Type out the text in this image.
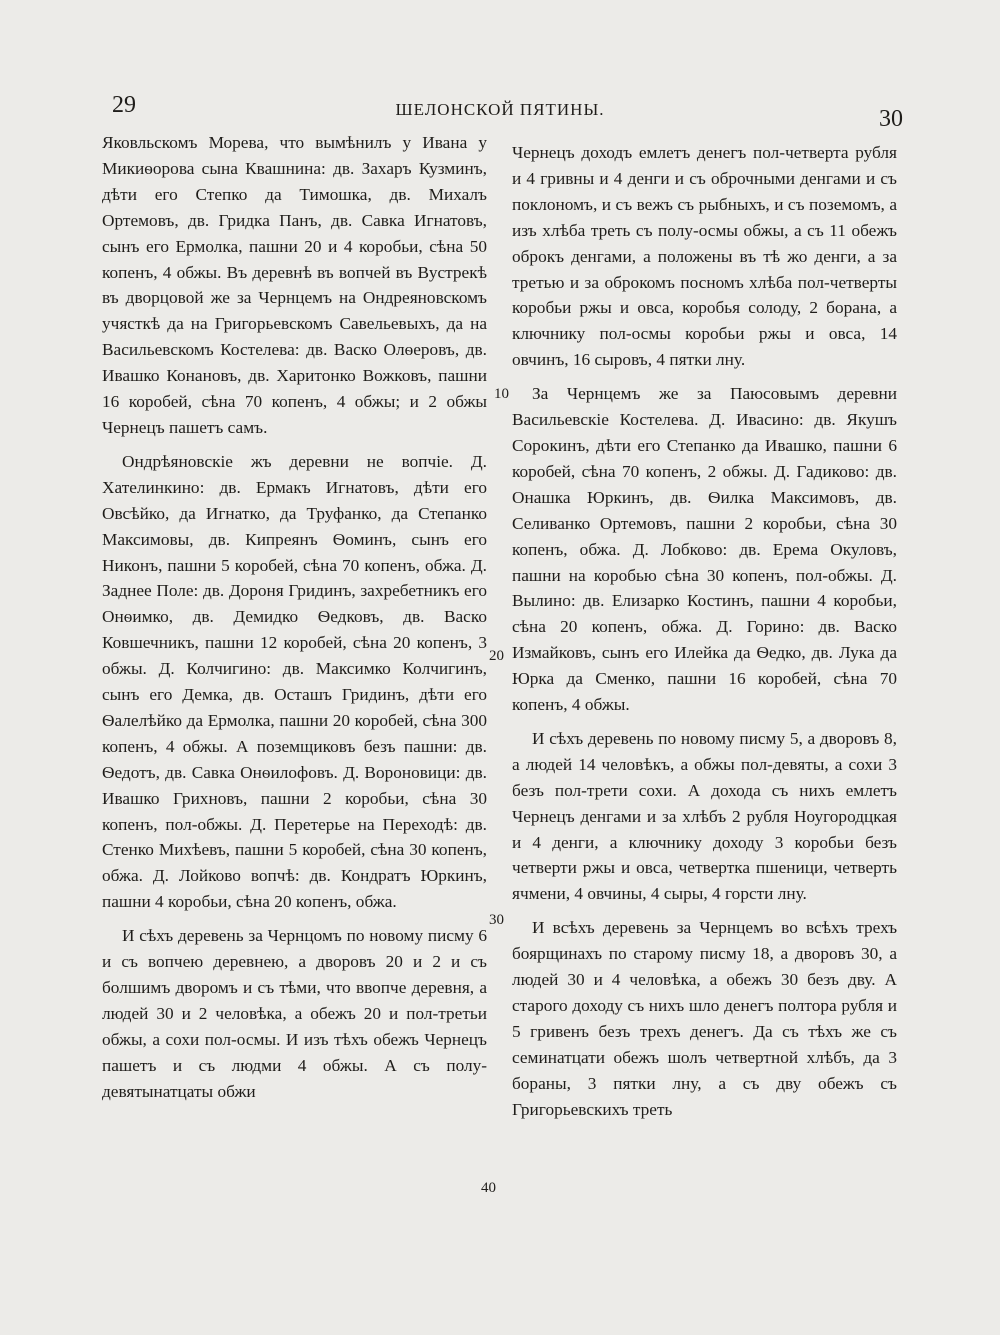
29	ШЕЛОНСКОЙ ПЯТИНЫ.	30

Яковльскомъ Морева, что вымѣнилъ у Ивана у Микиѳорова сына Квашнина: дв. Захаръ Кузминъ, дѣти его Степко да Тимошка, дв. Михалъ Ортемовъ, дв. Гридка Панъ, дв. Савка Игнатовъ, сынъ его Ермолка, пашни 20 и 4 коробьи, сѣна 50 копенъ, 4 обжы. Въ деревнѣ въ вопчей въ Вустрекѣ въ дворцовой же за Чернцемъ на Ондреяновскомъ учясткѣ да на Григорьевскомъ Савельевыхъ, да на Васильевскомъ Костелева: дв. Васко Олѳеровъ, дв. Ивашко Конановъ, дв. Харитонко Вожковъ, пашни 16 коробей, сѣна 70 копенъ, 4 обжы; и 2 обжы Чернецъ пашетъ самъ.

Ондрѣяновскіе жъ деревни не вопчіе. Д. Хателинкино: дв. Ермакъ Игнатовъ, дѣти его Овсѣйко, да Игнатко, да Труфанко, да Степанко Максимовы, дв. Кипреянъ Ѳоминъ, сынъ его Никонъ, пашни 5 коробей, сѣна 70 копенъ, обжа. Д. Заднее Поле: дв. Дороня Гридинъ, захребетникъ его Онѳимко, дв. Демидко Ѳедковъ, дв. Васко Ковшечникъ, пашни 12 коробей, сѣна 20 копенъ, 3 обжы. Д. Колчигино: дв. Максимко Колчигинъ, сынъ его Демка, дв. Осташъ Гридинъ, дѣти его Ѳалелѣйко да Ермолка, пашни 20 коробей, сѣна 300 копенъ, 4 обжы. А поземщиковъ безъ пашни: дв. Ѳедотъ, дв. Савка Онѳилофовъ. Д. Вороновици: дв. Ивашко Грихновъ, пашни 2 коробьи, сѣна 30 копенъ, пол-обжы. Д. Перетерье на Переходѣ: дв. Стенко Михѣевъ, пашни 5 коробей, сѣна 30 копенъ, обжа. Д. Лойково вопчѣ: дв. Кондратъ Юркинъ, пашни 4 коробьи, сѣна 20 копенъ, обжа.

И сѣхъ деревень за Чернцомъ по новому писму 6 и съ вопчею деревнею, а дворовъ 20 и 2 и съ болшимъ дворомъ и съ тѣми, что ввопче деревня, а людей 30 и 2 человѣка, а обежъ 20 и пол-третьи обжы, а сохи пол-осмы. И изъ тѣхъ обежъ Чернецъ пашетъ и съ людми 4 обжы. А съ полу-девятынатцаты обжи

10
20
30
40

Чернецъ доходъ емлетъ денегъ пол-четверта рубля и 4 гривны и 4 денги и съ оброчными денгами и съ поклономъ, и съ вежъ съ рыбныхъ, и съ поземомъ, а изъ хлѣба треть съ полу-осмы обжы, а съ 11 обежъ оброкъ денгами, а положены въ тѣ жо денги, а за третью и за оброкомъ посномъ хлѣба пол-четверты коробьи ржы и овса, коробья солоду, 2 борана, а ключнику пол-осмы коробьи ржы и овса, 14 овчинъ, 16 сыровъ, 4 пятки лну.

За Чернцемъ же за Паюсовымъ деревни Васильевскіе Костелева. Д. Ивасино: дв. Якушъ Сорокинъ, дѣти его Степанко да Ивашко, пашни 6 коробей, сѣна 70 копенъ, 2 обжы. Д. Гадиково: дв. Онашка Юркинъ, дв. Ѳилка Максимовъ, дв. Селиванко Ортемовъ, пашни 2 коробьи, сѣна 30 копенъ, обжа. Д. Лобково: дв. Ерема Окуловъ, пашни на коробью сѣна 30 копенъ, пол-обжы. Д. Вылино: дв. Елизарко Костинъ, пашни 4 коробьи, сѣна 20 копенъ, обжа. Д. Горино: дв. Васко Измайковъ, сынъ его Илейка да Ѳедко, дв. Лука да Юрка да Сменко, пашни 16 коробей, сѣна 70 копенъ, 4 обжы.

И сѣхъ деревень по новому писму 5, а дворовъ 8, а людей 14 человѣкъ, а обжы пол-девяты, а сохи 3 безъ пол-трети сохи. А дохода съ нихъ емлетъ Чернецъ денгами и за хлѣбъ 2 рубля Ноугородцкая и 4 денги, а ключнику доходу 3 коробьи безъ четверти ржы и овса, четвертка пшеници, четверть ячмени, 4 овчины, 4 сыры, 4 горсти лну.

И всѣхъ деревень за Чернцемъ во всѣхъ трехъ боярщинахъ по старому писму 18, а дворовъ 30, а людей 30 и 4 человѣка, а обежъ 30 безъ дву. А старого доходу съ нихъ шло денегъ полтора рубля и 5 гривенъ безъ трехъ денегъ. Да съ тѣхъ же съ семинатцати обежъ шолъ четвертной хлѣбъ, да 3 бораны, 3 пятки лну, а съ дву обежъ съ Григорьевскихъ треть
